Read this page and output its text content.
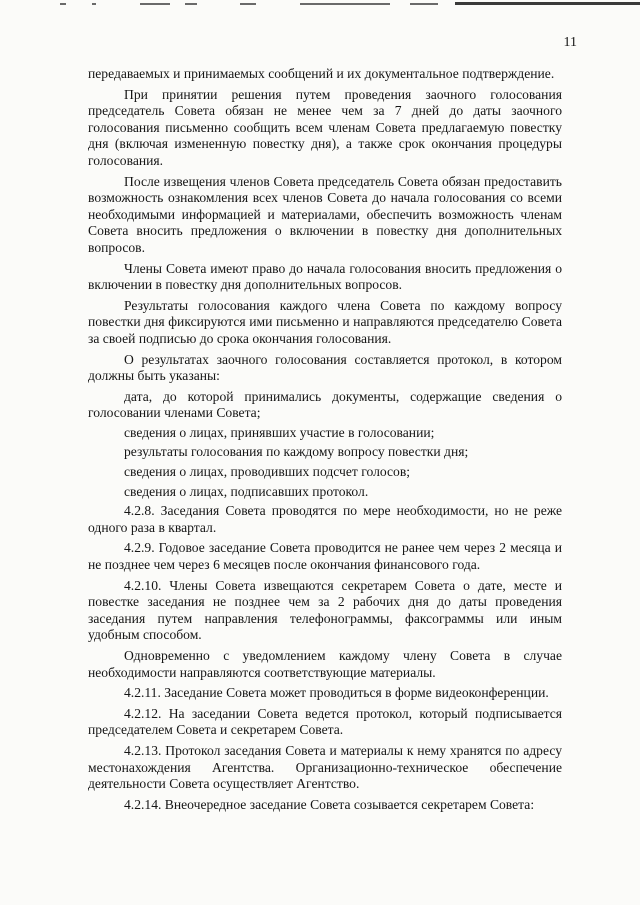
11

передаваемых и принимаемых сообщений и их документальное подтверждение.

При принятии решения путем проведения заочного голосования председатель Совета обязан не менее чем за 7 дней до даты заочного голосования письменно сообщить всем членам Совета предлагаемую повестку дня (включая измененную повестку дня), а также срок окончания процедуры голосования.

После извещения членов Совета председатель Совета обязан предоставить возможность ознакомления всех членов Совета до начала голосования со всеми необходимыми информацией и материалами, обеспечить возможность членам Совета вносить предложения о включении в повестку дня дополнительных вопросов.

Члены Совета имеют право до начала голосования вносить предложения о включении в повестку дня дополнительных вопросов.

Результаты голосования каждого члена Совета по каждому вопросу повестки дня фиксируются ими письменно и направляются председателю Совета за своей подписью до срока окончания голосования.

О результатах заочного голосования составляется протокол, в котором должны быть указаны:

дата, до которой принимались документы, содержащие сведения о голосовании членами Совета;

сведения о лицах, принявших участие в голосовании;

результаты голосования по каждому вопросу повестки дня;

сведения о лицах, проводивших подсчет голосов;

сведения о лицах, подписавших протокол.

4.2.8. Заседания Совета проводятся по мере необходимости, но не реже одного раза в квартал.

4.2.9. Годовое заседание Совета проводится не ранее чем через 2 месяца и не позднее чем через 6 месяцев после окончания финансового года.

4.2.10. Члены Совета извещаются секретарем Совета о дате, месте и повестке заседания не позднее чем за 2 рабочих дня до даты проведения заседания путем направления телефонограммы, факсограммы или иным удобным способом.

Одновременно с уведомлением каждому члену Совета в случае необходимости направляются соответствующие материалы.

4.2.11. Заседание Совета может проводиться в форме видеоконференции.

4.2.12. На заседании Совета ведется протокол, который подписывается председателем Совета и секретарем Совета.

4.2.13. Протокол заседания Совета и материалы к нему хранятся по адресу местонахождения Агентства. Организационно-техническое обеспечение деятельности Совета осуществляет Агентство.

4.2.14. Внеочередное заседание Совета созывается секретарем Совета:
